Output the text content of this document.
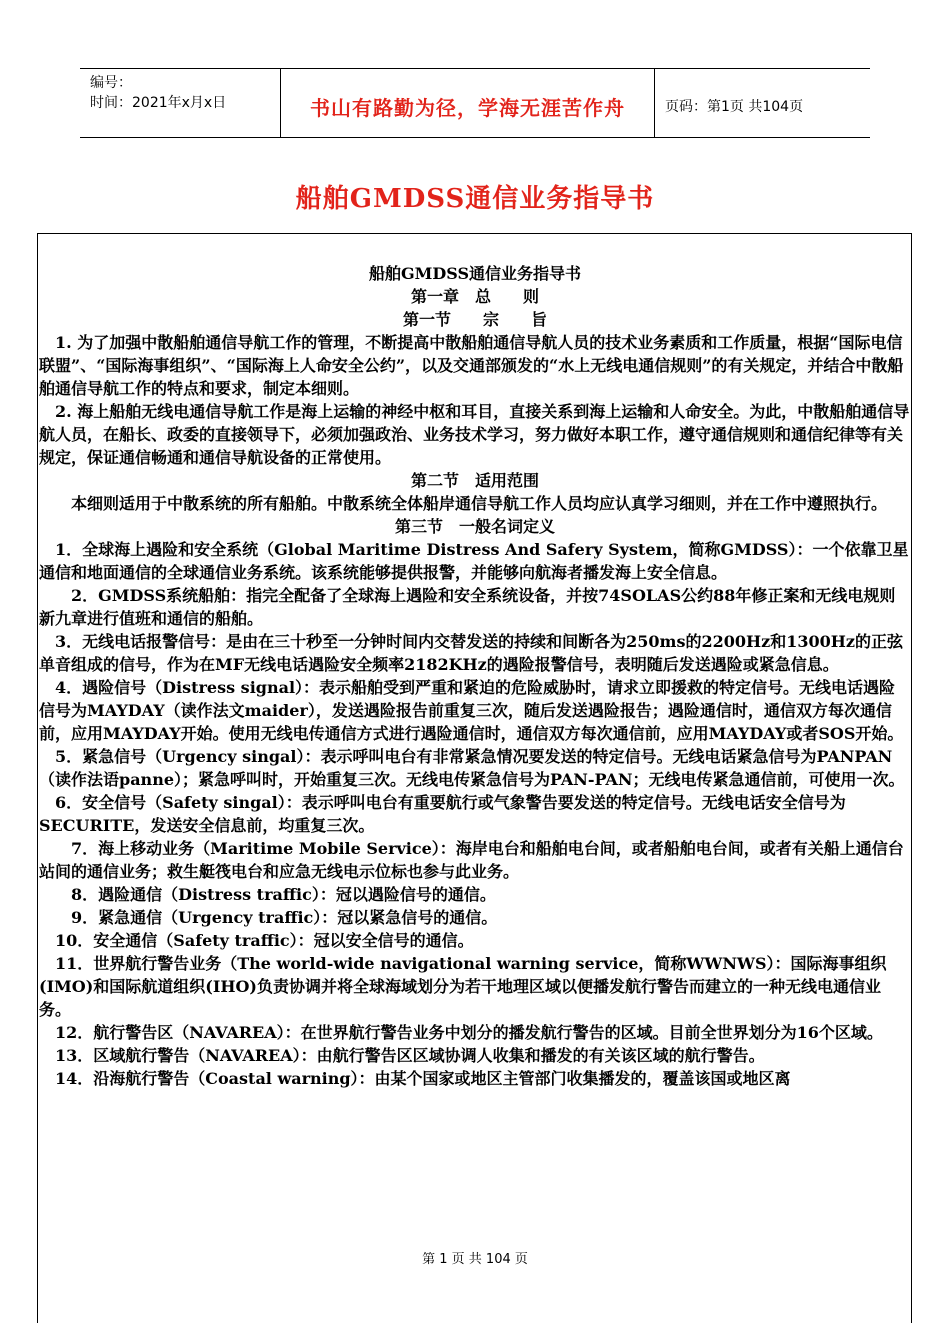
编号：
时间：2021年x月x日	书山有路勤为径，学海无涯苦作舟	页码：第1页 共104页
船舶GMDSS通信业务指导书

船舶GMDSS通信业务指导书

第一章　总　　则

第一节　　宗　　旨

　1. 为了加强中散船舶通信导航工作的管理，不断提高中散船舶通信导航人员的技术业务素质和工作质量，根据“国际电信联盟”、“国际海事组织”、“国际海上人命安全公约”，以及交通部颁发的“水上无线电通信规则”的有关规定，并结合中散船舶通信导航工作的特点和要求，制定本细则。

　2. 海上船舶无线电通信导航工作是海上运输的神经中枢和耳目，直接关系到海上运输和人命安全。为此，中散船舶通信导航人员，在船长、政委的直接领导下，必须加强政治、业务技术学习，努力做好本职工作，遵守通信规则和通信纪律等有关规定，保证通信畅通和通信导航设备的正常使用。

第二节　适用范围

　　本细则适用于中散系统的所有船舶。中散系统全体船岸通信导航工作人员均应认真学习细则，并在工作中遵照执行。

第三节　一般名词定义

　1．全球海上遇险和安全系统（Global Maritime Distress And Safery System，简称GMDSS）：一个依靠卫星通信和地面通信的全球通信业务系统。该系统能够提供报警，并能够向航海者播发海上安全信息。

　　2．GMDSS系统船舶：指完全配备了全球海上遇险和安全系统设备，并按74SOLAS公约88年修正案和无线电规则新九章进行值班和通信的船舶。

　3．无线电话报警信号：是由在三十秒至一分钟时间内交替发送的持续和间断各为250ms的2200Hz和1300Hz的正弦单音组成的信号，作为在MF无线电话遇险安全频率2182KHz的遇险报警信号，表明随后发送遇险或紧急信息。

　4．遇险信号（Distress signal）：表示船舶受到严重和紧迫的危险威胁时，请求立即援救的特定信号。无线电话遇险信号为MAYDAY（读作法文maider），发送遇险报告前重复三次，随后发送遇险报告；遇险通信时，通信双方每次通信前，应用MAYDAY开始。使用无线电传通信方式进行遇险通信时，通信双方每次通信前，应用MAYDAY或者SOS开始。

　5．紧急信号（Urgency singal）：表示呼叫电台有非常紧急情况要发送的特定信号。无线电话紧急信号为PANPAN（读作法语panne）；紧急呼叫时，开始重复三次。无线电传紧急信号为PAN-PAN；无线电传紧急通信前，可使用一次。

　6．安全信号（Safety singal）：表示呼叫电台有重要航行或气象警告要发送的特定信号。无线电话安全信号为SECURITE，发送安全信息前，均重复三次。

　　7．海上移动业务（Maritime Mobile Service）：海岸电台和船舶电台间，或者船舶电台间，或者有关船上通信台站间的通信业务；救生艇筏电台和应急无线电示位标也参与此业务。

　　8．遇险通信（Distress traffic）：冠以遇险信号的通信。

　　9．紧急通信（Urgency traffic）：冠以紧急信号的通信。

　10．安全通信（Safety traffic）：冠以安全信号的通信。

　11．世界航行警告业务（The world-wide navigational warning service，简称WWNWS）：国际海事组织(IMO)和国际航道组织(IHO)负责协调并将全球海域划分为若干地理区域以便播发航行警告而建立的一种无线电通信业务。

　12．航行警告区（NAVAREA）：在世界航行警告业务中划分的播发航行警告的区域。目前全世界划分为16个区域。

　13．区域航行警告（NAVAREA）：由航行警告区区域协调人收集和播发的有关该区域的航行警告。

　14．沿海航行警告（Coastal warning）：由某个国家或地区主管部门收集播发的，覆盖该国或地区离

第 1 页 共 104 页
